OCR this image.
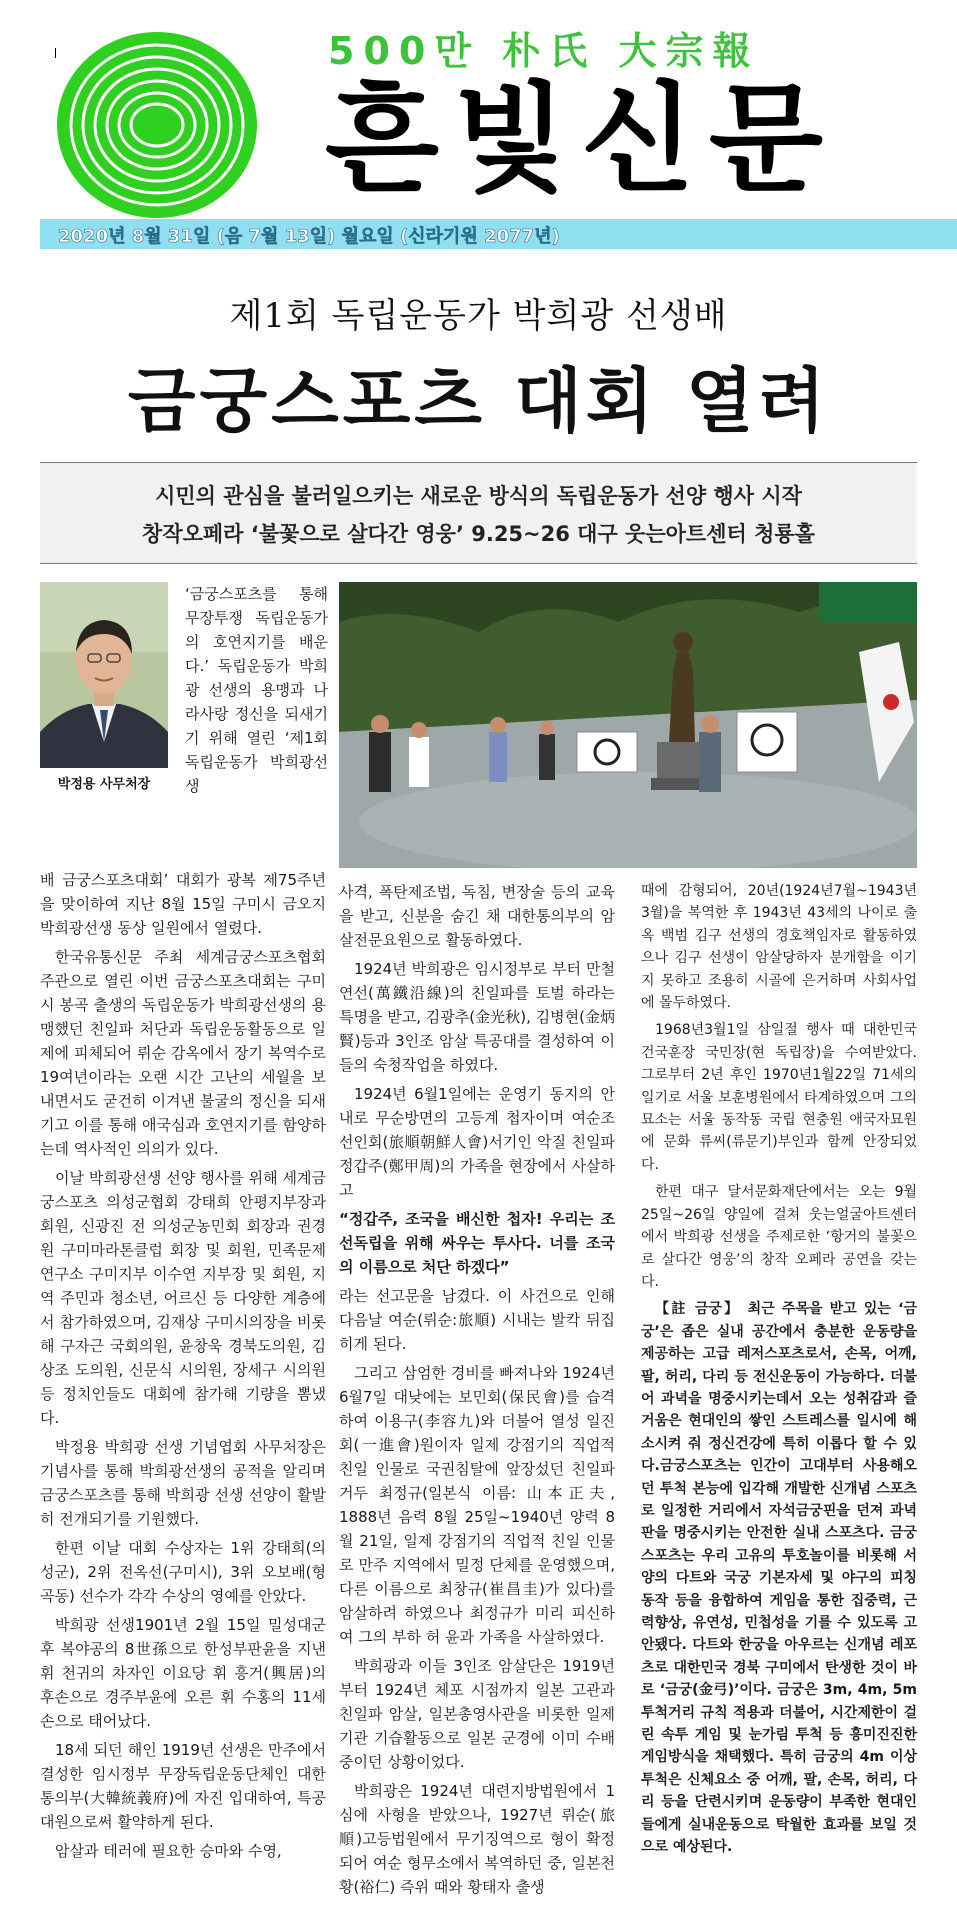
500만 朴氏 大宗報
흔빛신문
2020년 8월 31일 (음 7월 13일) 월요일 (신라기원 2077년)
제1회 독립운동가 박희광 선생배
금궁스포츠 대회 열려
시민의 관심을 불러일으키는 새로운 방식의 독립운동가 선양 행사 시작
창작오페라 ‘불꽃으로 살다간 영웅’ 9.25~26 대구 웃는아트센터 청룡홀
박정용 사무처장

‘금궁스포츠를 통해 무장투쟁 독립운동가의 호연지기를 배운다.’ 독립운동가 박희광 선생의 용맹과 나라사랑 정신을 되새기기 위해 열린 ‘제1회 독립운동가 박희광선생

배 금궁스포츠대회’ 대회가 광복 제75주년을 맞이하여 지난 8월 15일 구미시 금오지 박희광선생 동상 일원에서 열렸다.

한국유통신문 주최 세계금궁스포츠협회 주관으로 열린 이번 금궁스포츠대회는 구미시 봉곡 출생의 독립운동가 박희광선생의 용맹했던 친일파 처단과 독립운동활동으로 일제에 피체되어 뤼순 감옥에서 장기 복역수로 19여년이라는 오랜 시간 고난의 세월을 보내면서도 굳건히 이겨낸 불굴의 정신을 되새기고 이를 통해 애국심과 호연지기를 함양하는데 역사적인 의의가 있다.

이날 박희광선생 선양 행사를 위해 세계금궁스포츠 의성군협회 강태희 안평지부장과 회원, 신광진 전 의성군농민회 회장과 권경원 구미마라톤클럽 회장 및 회원, 민족문제연구소 구미지부 이수연 지부장 및 회원, 지역 주민과 청소년, 어르신 등 다양한 계층에서 참가하였으며, 김재상 구미시의장을 비롯해 구자근 국회의원, 윤창욱 경북도의원, 김상조 도의원, 신문식 시의원, 장세구 시의원 등 정치인들도 대회에 참가해 기량을 뽐냈다.

박정용 박희광 선생 기념엽회 사무처장은 기념사를 통해 박희광선생의 공적을 알리며 금궁스포츠를 통해 박희광 선생 선양이 활발히 전개되기를 기원했다.

한편 이날 대회 수상자는 1위 강태희(의성군), 2위 전옥선(구미시), 3위 오보배(형곡동) 선수가 각각 수상의 영예를 안았다.

박희광 선생1901년 2월 15일 밀성대군 후 복야공의 8世孫으로 한성부판윤을 지낸 휘 천귀의 차자인 이요당 휘 흥거(興居)의 후손으로 경주부윤에 오른 휘 수홍의 11세손으로 태어났다.

18세 되던 해인 1919년 선생은 만주에서 결성한 임시정부 무장독립운동단체인 대한통의부(大韓統義府)에 자진 입대하여, 특공대원으로써 활약하게 된다.

암살과 테러에 필요한 승마와 수영,

사격, 폭탄제조법, 독침, 변장술 등의 교육을 받고, 신분을 숨긴 채 대한통의부의 암살전문요원으로 활동하였다.

1924년 박희광은 임시정부로 부터 만철연선(萬鐵沿線)의 친일파를 토벌 하라는 특명을 받고, 김광추(金光秋), 김병현(金炳賢)등과 3인조 암살 특공대를 결성하여 이들의 숙청작업을 하였다.

1924년 6월1일에는 운영기 동지의 안내로 무순방면의 고등계 첩자이며 여순조선인회(旅順朝鮮人會)서기인 악질 친일파 정갑주(鄭甲周)의 가족을 현장에서 사살하고

“정갑주, 조국을 배신한 첩자! 우리는 조선독립을 위해 싸우는 투사다. 너를 조국의 이름으로 처단 하겠다”

라는 선고문을 남겼다. 이 사건으로 인해 다음날 여순(뤼순:旅順) 시내는 발칵 뒤집히게 된다.

그리고 삼엄한 경비를 빠져나와 1924년6월7일 대낮에는 보민회(保民會)를 습격하여 이용구(李容九)와 더불어 열성 일진회(一進會)원이자 일제 강점기의 직업적 친일 인물로 국권침탈에 앞장섰던 친일파 거두 최정규(일본식 이름: 山本正夫, 1888년 음력 8월 25일~1940년 양력 8월 21일, 일제 강점기의 직업적 친일 인물로 만주 지역에서 밀정 단체를 운영했으며, 다른 이름으로 최창규(崔昌圭)가 있다)를 암살하려 하였으나 최정규가 미리 피신하여 그의 부하 허 윤과 가족을 사살하였다.

박희광과 이들 3인조 암살단은 1919년부터 1924년 체포 시점까지 일본 고관과 친일파 암살, 일본총영사관을 비롯한 일제기관 기습활동으로 일본 군경에 이미 수배 중이던 상황이었다.

박희광은 1924년 대련지방법원에서 1심에 사형을 받았으나, 1927년 뤼순(旅順)고등법원에서 무기징역으로 형이 확정되어 여순 형무소에서 복역하던 중, 일본천황(裕仁) 즉위 때와 황태자 출생

때에 감형되어, 20년(1924년7월~1943년 3월)을 복역한 후 1943년 43세의 나이로 출옥 백범 김구 선생의 경호책임자로 활동하였으나 김구 선생이 암살당하자 분개함을 이기지 못하고 조용히 시골에 은거하며 사회사업에 몰두하였다.

1968년3월1일 삼일절 행사 때 대한민국 건국훈장 국민장(현 독립장)을 수여받았다. 그로부터 2년 후인 1970년1월22일 71세의 일기로 서울 보훈병원에서 타계하였으며 그의 묘소는 서울 동작동 국립 현충원 애국자묘원에 문화 류씨(류문기)부인과 함께 안장되었다.

한편 대구 달서문화재단에서는 오는 9월 25일~26일 양일에 걸쳐 웃는얼굴아트센터에서 박희광 선생을 주제로한 ‘항거의 불꽃으로 살다간 영웅’의 창작 오페라 공연을 갖는다.

【註 금궁】 최근 주목을 받고 있는 ‘금궁’은 좁은 실내 공간에서 충분한 운동량을 제공하는 고급 레저스포츠로서, 손목, 어깨, 팔, 허리, 다리 등 전신운동이 가능하다. 더불어 과녁을 명중시키는데서 오는 성취감과 즐거움은 현대인의 쌓인 스트레스를 일시에 해소시켜 줘 정신건강에 특히 이롭다 할 수 있다.금궁스포츠는 인간이 고대부터 사용해오던 투척 본능에 입각해 개발한 신개념 스포츠로 일정한 거리에서 자석금궁핀을 던져 과녁판을 명중시키는 안전한 실내 스포츠다. 금궁스포츠는 우리 고유의 투호놀이를 비롯해 서양의 다트와 국궁 기본자세 및 야구의 피칭 동작 등을 융합하여 게임을 통한 집중력, 근력향상, 유연성, 민첩성을 기를 수 있도록 고안됐다. 다트와 한궁을 아우르는 신개념 레포츠로 대한민국 경북 구미에서 탄생한 것이 바로 ‘금궁(金弓)’이다. 금궁은 3m, 4m, 5m 투척거리 규칙 적용과 더불어, 시간제한이 걸린 속투 게임 및 눈가림 투척 등 흥미진진한 게임방식을 채택했다. 특히 금궁의 4m 이상 투척은 신체요소 중 어깨, 팔, 손목, 허리, 다리 등을 단련시키며 운동량이 부족한 현대인들에게 실내운동으로 탁월한 효과를 보일 것으로 예상된다.
